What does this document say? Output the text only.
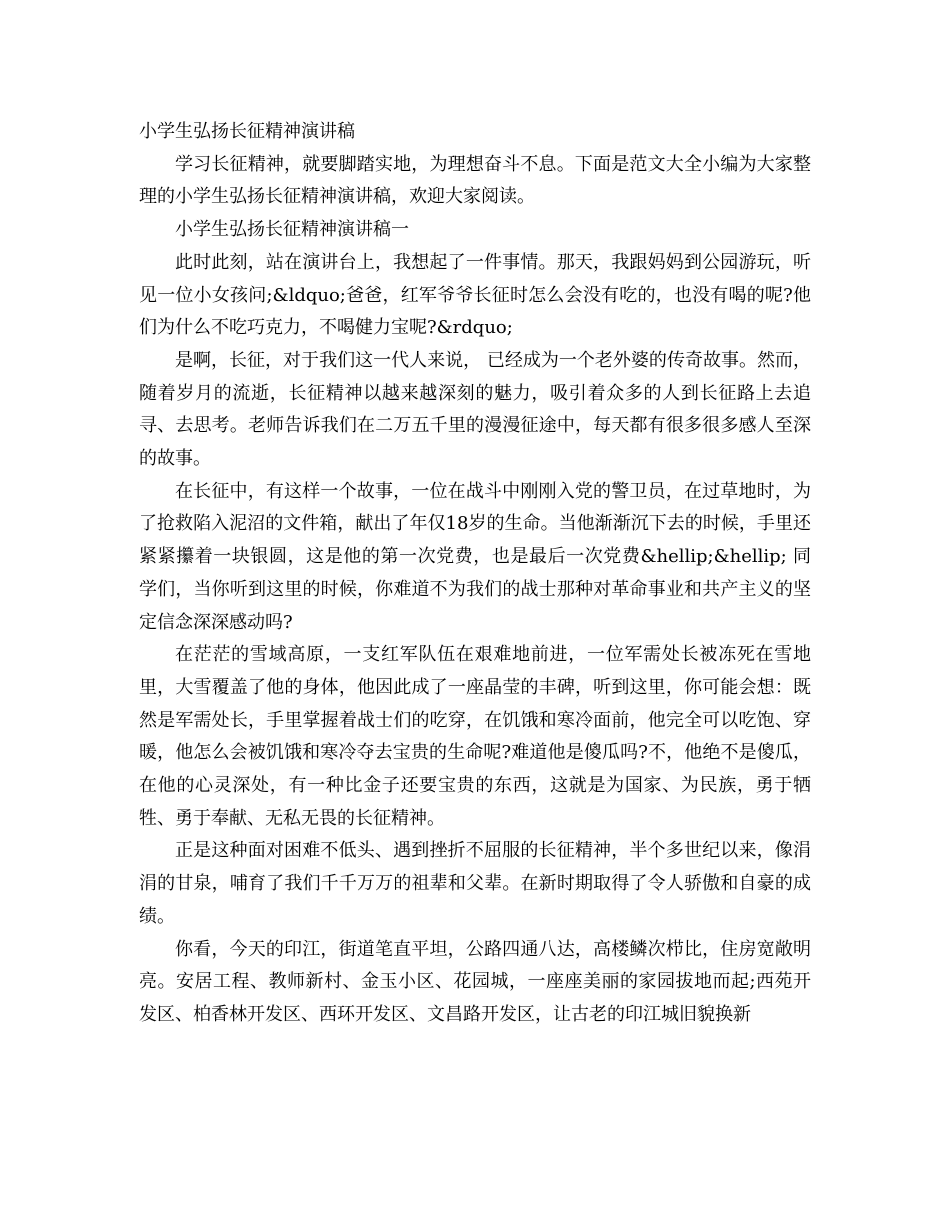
小学生弘扬长征精神演讲稿

学习长征精神，就要脚踏实地，为理想奋斗不息。下面是范文大全小编为大家整理的小学生弘扬长征精神演讲稿，欢迎大家阅读。

小学生弘扬长征精神演讲稿一

此时此刻，站在演讲台上，我想起了一件事情。那天，我跟妈妈到公园游玩，听见一位小女孩问;&ldquo;爸爸，红军爷爷长征时怎么会没有吃的，也没有喝的呢?他们为什么不吃巧克力，不喝健力宝呢?&rdquo;

是啊，长征，对于我们这一代人来说， 已经成为一个老外婆的传奇故事。然而，随着岁月的流逝，长征精神以越来越深刻的魅力，吸引着众多的人到长征路上去追寻、去思考。老师告诉我们在二万五千里的漫漫征途中，每天都有很多很多感人至深的故事。

在长征中，有这样一个故事，一位在战斗中刚刚入党的警卫员，在过草地时，为了抢救陷入泥沼的文件箱，献出了年仅18岁的生命。当他渐渐沉下去的时候，手里还紧紧攥着一块银圆，这是他的第一次党费，也是最后一次党费&hellip;&hellip; 同学们，当你听到这里的时候，你难道不为我们的战士那种对革命事业和共产主义的坚定信念深深感动吗?

在茫茫的雪域高原，一支红军队伍在艰难地前进，一位军需处长被冻死在雪地里，大雪覆盖了他的身体，他因此成了一座晶莹的丰碑，听到这里，你可能会想：既然是军需处长，手里掌握着战士们的吃穿，在饥饿和寒冷面前，他完全可以吃饱、穿暖，他怎么会被饥饿和寒冷夺去宝贵的生命呢?难道他是傻瓜吗?不，他绝不是傻瓜，在他的心灵深处，有一种比金子还要宝贵的东西，这就是为国家、为民族，勇于牺牲、勇于奉献、无私无畏的长征精神。

正是这种面对困难不低头、遇到挫折不屈服的长征精神，半个多世纪以来，像涓涓的甘泉，哺育了我们千千万万的祖辈和父辈。在新时期取得了令人骄傲和自豪的成绩。

你看，今天的印江，街道笔直平坦，公路四通八达，高楼鳞次栉比，住房宽敞明亮。安居工程、教师新村、金玉小区、花园城，一座座美丽的家园拔地而起;西苑开发区、柏香林开发区、西环开发区、文昌路开发区，让古老的印江城旧貌换新
